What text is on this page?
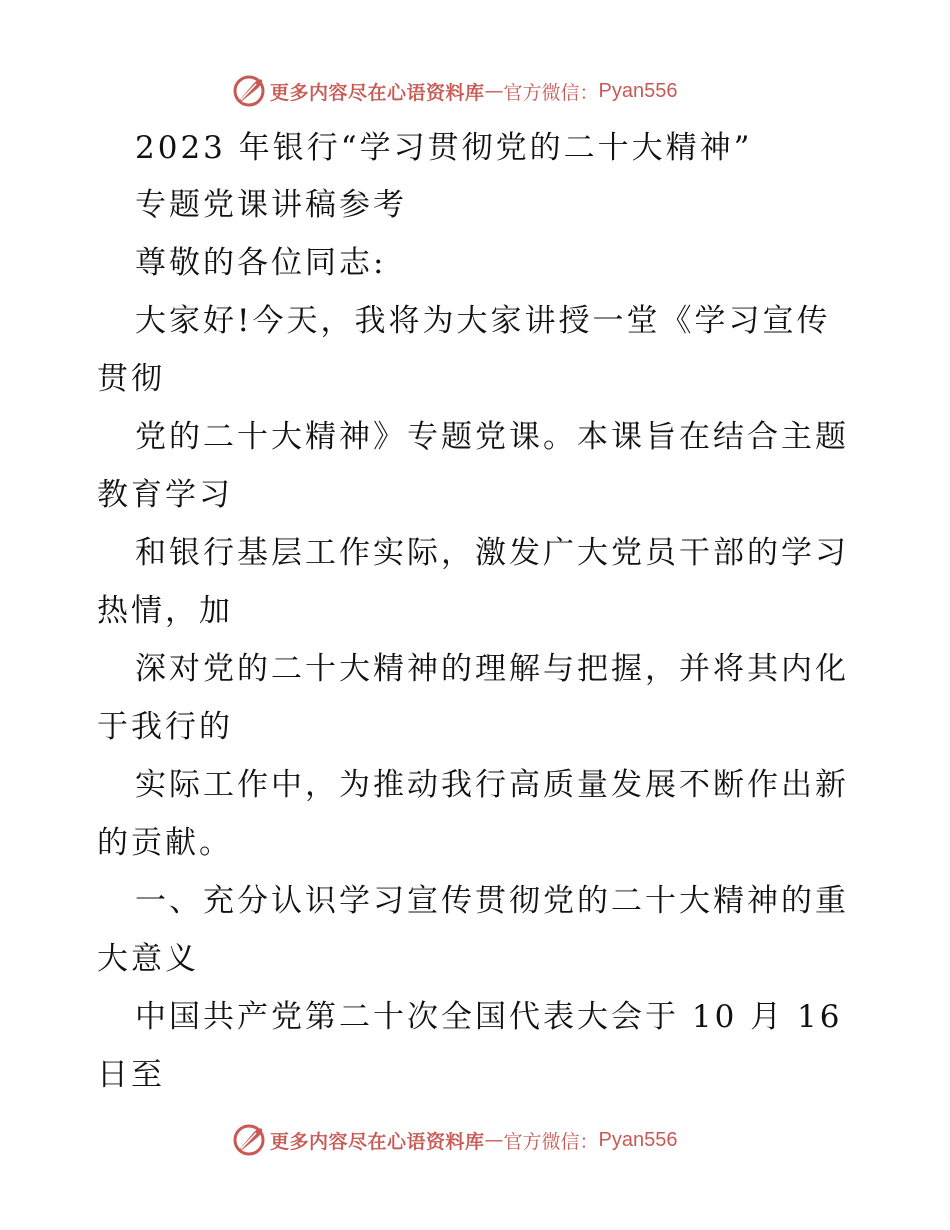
更多内容尽在心语资料库 — 官方微信： Pyan556
2023 年银行“学习贯彻党的二十大精神”
专题党课讲稿参考
尊敬的各位同志:
大家好!今天，我将为大家讲授一堂《学习宣传
贯彻
党的二十大精神》专题党课。本课旨在结合主题
教育学习
和银行基层工作实际，激发广大党员干部的学习
热情，加
深对党的二十大精神的理解与把握，并将其内化
于我行的
实际工作中，为推动我行高质量发展不断作出新
的贡献。
一、充分认识学习宣传贯彻党的二十大精神的重
大意义
中国共产党第二十次全国代表大会于 10 月 16
日至
更多内容尽在心语资料库 — 官方微信： Pyan556
